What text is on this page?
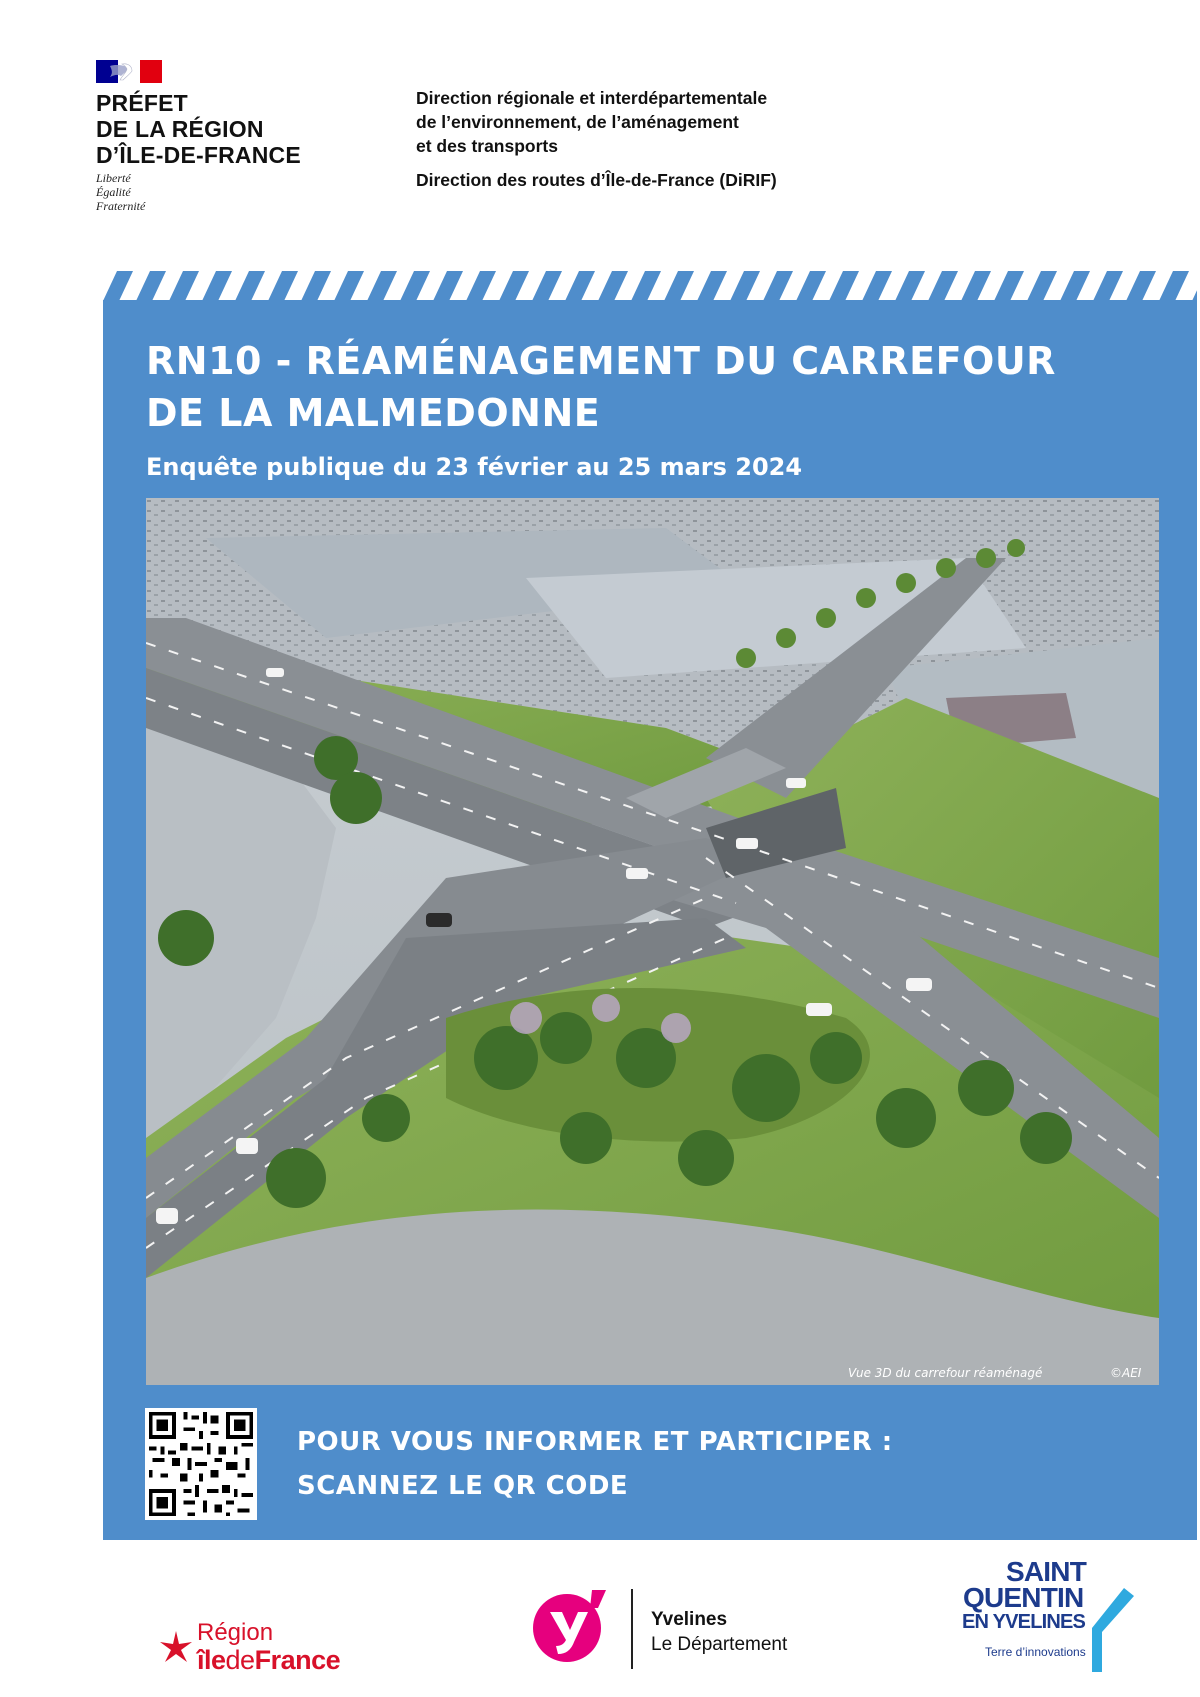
PRÉFET
DE LA RÉGION
D’ÎLE-DE-FRANCE
Liberté
Égalité
Fraternité
Direction régionale et interdépartementale
de l’environnement, de l’aménagement
et des transports
Direction des routes d’Île-de-France (DiRIF)
RN10 - RÉAMÉNAGEMENT DU CARREFOUR
DE LA MALMEDONNE
Enquête publique du 23 février au 25 mars 2024
Vue 3D du carrefour réaménagé	©AEI
POUR VOUS INFORMER ET PARTICIPER :
SCANNEZ LE QR CODE
Région
îledeFrance
Yvelines
Le Département
SAINT
QUENTIN
EN YVELINES
Terre d’innovations
